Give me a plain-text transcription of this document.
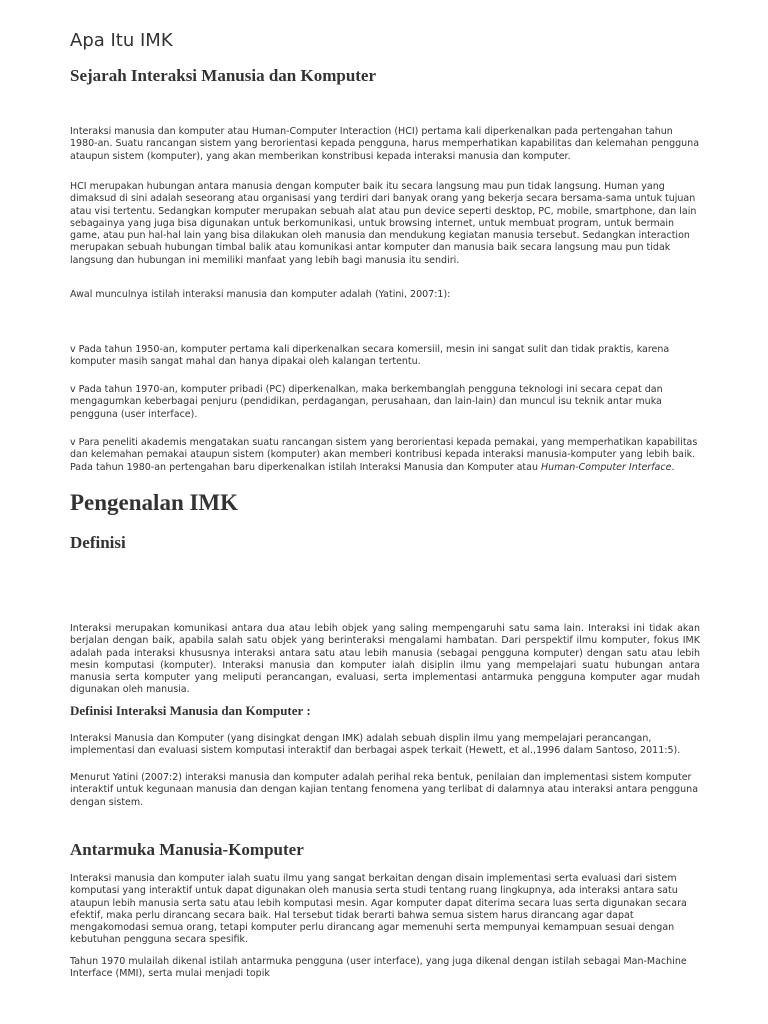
Apa Itu IMK
Sejarah Interaksi Manusia dan Komputer

Interaksi manusia dan komputer atau Human-Computer Interaction (HCI) pertama kali diperkenalkan pada pertengahan tahun 1980-an. Suatu rancangan sistem yang berorientasi kepada pengguna, harus memperhatikan kapabilitas dan kelemahan pengguna ataupun sistem (komputer), yang akan memberikan konstribusi kepada interaksi manusia dan komputer.

HCI merupakan hubungan antara manusia dengan komputer baik itu secara langsung mau pun tidak langsung. Human yang dimaksud di sini adalah seseorang atau organisasi yang terdiri dari banyak orang yang bekerja secara bersama-sama untuk tujuan atau visi tertentu. Sedangkan komputer merupakan sebuah alat atau pun device seperti desktop, PC, mobile, smartphone, dan lain sebagainya yang juga bisa digunakan untuk berkomunikasi, untuk browsing internet, untuk membuat program, untuk bermain game, atau pun hal-hal lain yang bisa dilakukan oleh manusia dan mendukung kegiatan manusia tersebut. Sedangkan interaction merupakan sebuah hubungan timbal balik atau komunikasi antar komputer dan manusia baik secara langsung mau pun tidak langsung dan hubungan ini memiliki manfaat yang lebih bagi manusia itu sendiri.

Awal munculnya istilah interaksi manusia dan komputer adalah (Yatini, 2007:1):

v Pada tahun 1950-an, komputer pertama kali diperkenalkan secara komersiil, mesin ini sangat sulit dan tidak praktis, karena komputer masih sangat mahal dan hanya dipakai oleh kalangan tertentu.

v Pada tahun 1970-an, komputer pribadi (PC) diperkenalkan, maka berkembanglah pengguna teknologi ini secara cepat dan mengagumkan keberbagai penjuru (pendidikan, perdagangan, perusahaan, dan lain-lain) dan muncul isu teknik antar muka pengguna (user interface).

v Para peneliti akademis mengatakan suatu rancangan sistem yang berorientasi kepada pemakai, yang memperhatikan kapabilitas dan kelemahan pemakai ataupun sistem (komputer) akan memberi kontribusi kepada interaksi manusia-komputer yang lebih baik. Pada tahun 1980-an pertengahan baru diperkenalkan istilah Interaksi Manusia dan Komputer atau Human-Computer Interface.

Pengenalan IMK
Definisi

Interaksi merupakan komunikasi antara dua atau lebih objek yang saling mempengaruhi satu sama lain. Interaksi ini tidak akan berjalan dengan baik, apabila salah satu objek yang berinteraksi mengalami hambatan. Dari perspektif ilmu komputer, fokus IMK adalah pada interaksi khususnya interaksi antara satu atau lebih manusia (sebagai pengguna komputer) dengan satu atau lebih mesin komputasi (komputer). Interaksi manusia dan komputer ialah disiplin ilmu yang mempelajari suatu hubungan antara manusia serta komputer yang meliputi perancangan, evaluasi, serta implementasi antarmuka pengguna komputer agar mudah digunakan oleh manusia.

Definisi Interaksi Manusia dan Komputer :

Interaksi Manusia dan Komputer (yang disingkat dengan IMK) adalah sebuah displin ilmu yang mempelajari perancangan, implementasi dan evaluasi sistem komputasi interaktif dan berbagai aspek terkait (Hewett, et al.,1996 dalam Santoso, 2011:5).

Menurut Yatini (2007:2) interaksi manusia dan komputer adalah perihal reka bentuk, penilaian dan implementasi sistem komputer interaktif untuk kegunaan manusia dan dengan kajian tentang fenomena yang terlibat di dalamnya atau interaksi antara pengguna dengan sistem.

Antarmuka Manusia-Komputer

Interaksi manusia dan komputer ialah suatu ilmu yang sangat berkaitan dengan disain implementasi serta evaluasi dari sistem komputasi yang interaktif untuk dapat digunakan oleh manusia serta studi tentang ruang lingkupnya, ada interaksi antara satu ataupun lebih manusia serta satu atau lebih komputasi mesin. Agar komputer dapat diterima secara luas serta digunakan secara efektif, maka perlu dirancang secara baik. Hal tersebut tidak berarti bahwa semua sistem harus dirancang agar dapat mengakomodasi semua orang, tetapi komputer perlu dirancang agar memenuhi serta mempunyai kemampuan sesuai dengan kebutuhan pengguna secara spesifik.

Tahun 1970 mulailah dikenal istilah antarmuka pengguna (user interface), yang juga dikenal dengan istilah sebagai Man-Machine Interface (MMI), serta mulai menjadi topik
